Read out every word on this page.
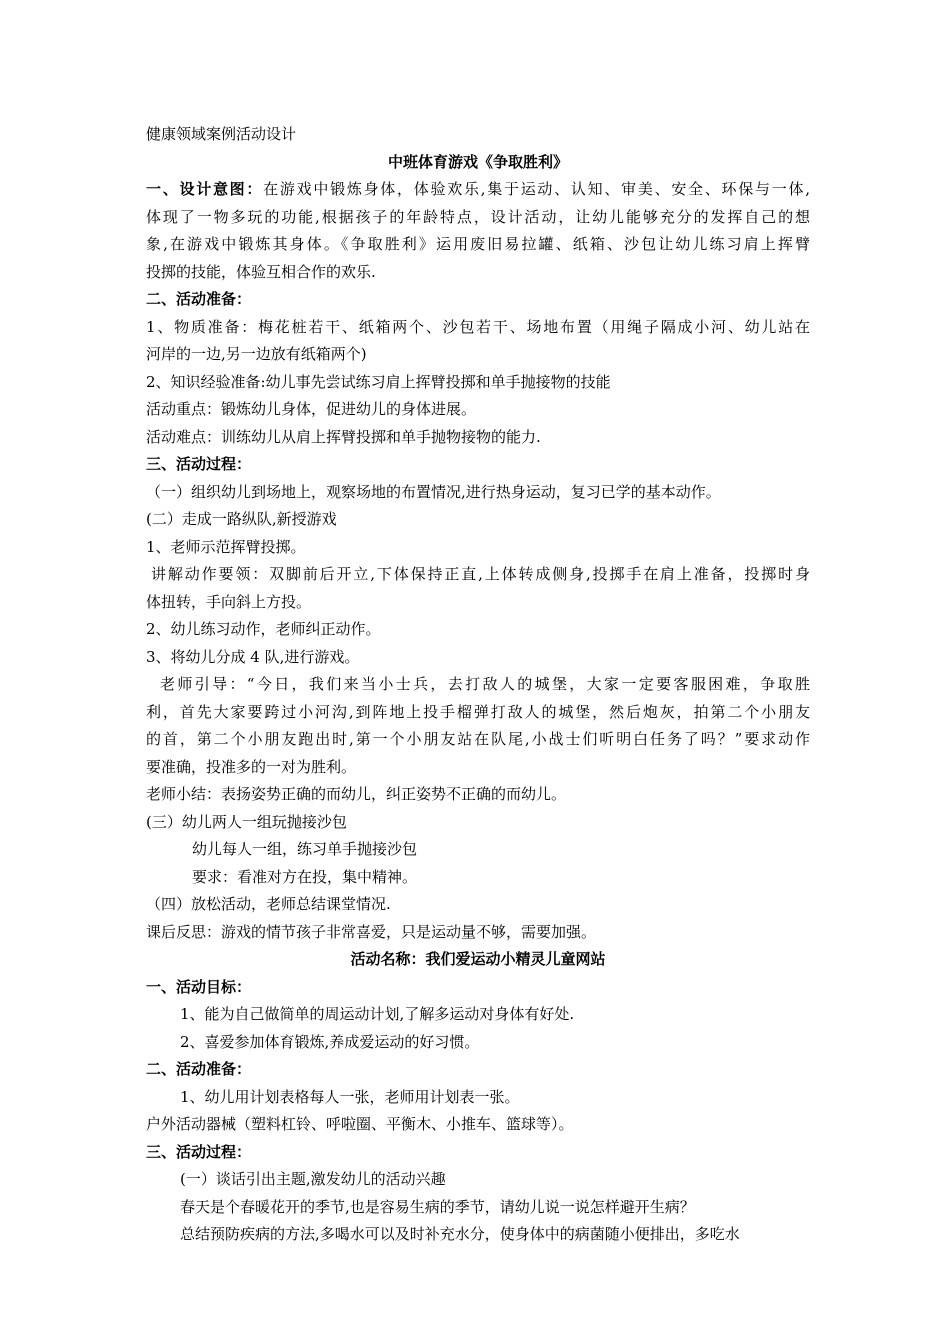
健康领域案例活动设计
中班体育游戏《争取胜利》
一、设计意图：在游戏中锻炼身体，体验欢乐,集于运动、认知、审美、安全、环保与一体,
体现了一物多玩的功能,根据孩子的年龄特点，设计活动，让幼儿能够充分的发挥自己的想
象,在游戏中锻炼其身体。《争取胜利》运用废旧易拉罐、纸箱、沙包让幼儿练习肩上挥臂
投掷的技能，体验互相合作的欢乐.
二、活动准备：
1、物质准备：梅花桩若干、纸箱两个、沙包若干、场地布置（用绳子隔成小河、幼儿站在
河岸的一边,另一边放有纸箱两个)
2、知识经验准备:幼儿事先尝试练习肩上挥臂投掷和单手抛接物的技能
活动重点：锻炼幼儿身体，促进幼儿的身体进展。
活动难点：训练幼儿从肩上挥臂投掷和单手抛物接物的能力.
三、活动过程：
（一）组织幼儿到场地上，观察场地的布置情况,进行热身运动，复习已学的基本动作。
(二）走成一路纵队,新授游戏
1、老师示范挥臂投掷。
讲解动作要领：双脚前后开立,下体保持正直,上体转成侧身,投掷手在肩上准备，投掷时身
体扭转，手向斜上方投。
2、幼儿练习动作，老师纠正动作。
3、将幼儿分成 4 队,进行游戏。
老师引导：“今日，我们来当小士兵，去打敌人的城堡，大家一定要客服困难，争取胜
利，首先大家要跨过小河沟,到阵地上投手榴弹打敌人的城堡，然后炮灰，拍第二个小朋友
的首，第二个小朋友跑出时,第一个小朋友站在队尾,小战士们听明白任务了吗？”要求动作
要准确，投准多的一对为胜利。
老师小结：表扬姿势正确的而幼儿，纠正姿势不正确的而幼儿。
(三）幼儿两人一组玩抛接沙包
幼儿每人一组，练习单手抛接沙包
要求：看准对方在投，集中精神。
（四）放松活动，老师总结课堂情况.
课后反思：游戏的情节孩子非常喜爱，只是运动量不够，需要加强。
活动名称：我们爱运动小精灵儿童网站
一、活动目标：
1、能为自己做简单的周运动计划,了解多运动对身体有好处.
2、喜爱参加体育锻炼,养成爱运动的好习惯。
二、活动准备：
1、幼儿用计划表格每人一张，老师用计划表一张。
户外活动器械（塑料杠铃、呼啦圈、平衡木、小推车、篮球等）。
三、活动过程：
(一）谈话引出主题,激发幼儿的活动兴趣
春天是个春暖花开的季节,也是容易生病的季节，请幼儿说一说怎样避开生病？
总结预防疾病的方法,多喝水可以及时补充水分，使身体中的病菌随小便排出，多吃水
